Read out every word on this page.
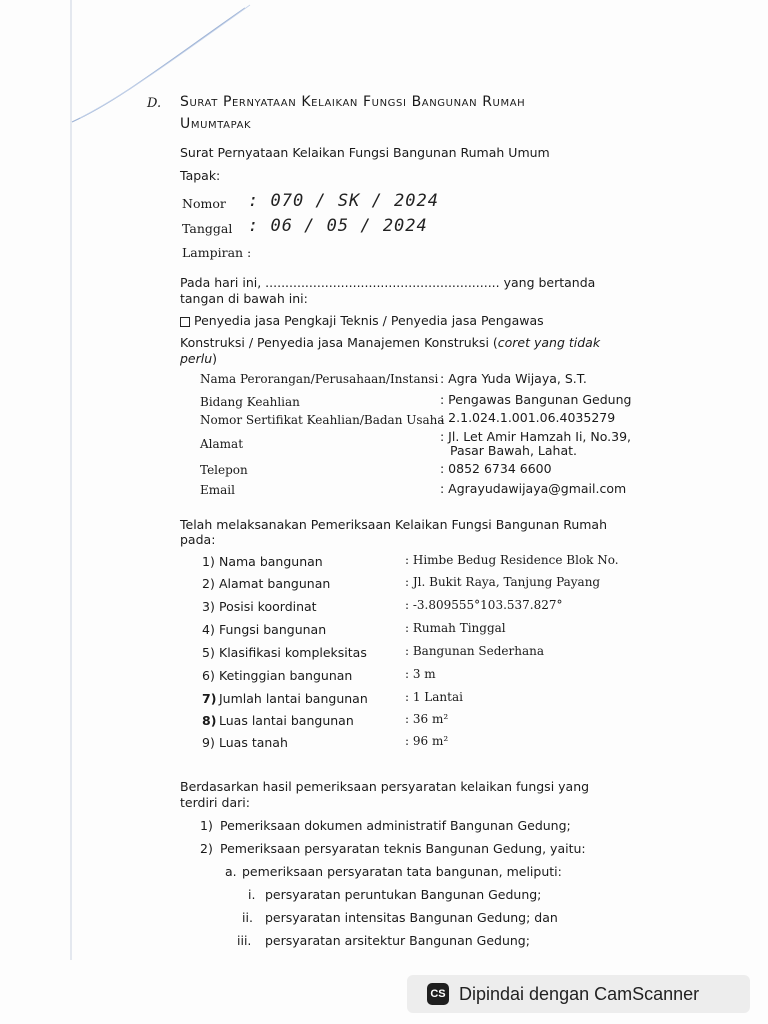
D. Surat Pernyataan Kelaikan Fungsi Bangunan Rumah
Umumtapak
Surat Pernyataan Kelaikan Fungsi Bangunan Rumah Umum
Tapak:
Nomor : 070 / SK / 2024
Tanggal : 06 / 05 / 2024
Lampiran :
Pada hari ini, ........................................................... yang bertanda
tangan di bawah ini:
Penyedia jasa Pengkaji Teknis / Penyedia jasa Pengawas
Konstruksi / Penyedia jasa Manajemen Konstruksi (coret yang tidak
perlu)
Nama Perorangan/Perusahaan/Instansi : Agra Yuda Wijaya, S.T.
Bidang Keahlian	: Pengawas Bangunan Gedung
Nomor Sertifikat Keahlian/Badan Usaha
: 2.1.024.1.001.06.4035279
Alamat	: Jl. Let Amir Hamzah Ii, No.39,
Pasar Bawah, Lahat.
Telepon	: 0852 6734 6600
Email	: Agrayudawijaya@gmail.com
Telah melaksanakan Pemeriksaan Kelaikan Fungsi Bangunan Rumah
pada:
1) Nama bangunan	: Himbe Bedug Residence Blok No.
2) Alamat bangunan	: Jl. Bukit Raya, Tanjung Payang
3) Posisi koordinat	: -3.809555°103.537.827°
4) Fungsi bangunan	: Rumah Tinggal
5) Klasifikasi kompleksitas	: Bangunan Sederhana
6) Ketinggian bangunan	: 3 m
7) Jumlah lantai bangunan	: 1 Lantai
8) Luas lantai bangunan	: 36 m²
9) Luas tanah	: 96 m²
Berdasarkan hasil pemeriksaan persyaratan kelaikan fungsi yang
terdiri dari:
1) Pemeriksaan dokumen administratif Bangunan Gedung;
2) Pemeriksaan persyaratan teknis Bangunan Gedung, yaitu:
a. pemeriksaan persyaratan tata bangunan, meliputi:
i. persyaratan peruntukan Bangunan Gedung;
ii. persyaratan intensitas Bangunan Gedung; dan
iii. persyaratan arsitektur Bangunan Gedung;
CS Dipindai dengan CamScanner
